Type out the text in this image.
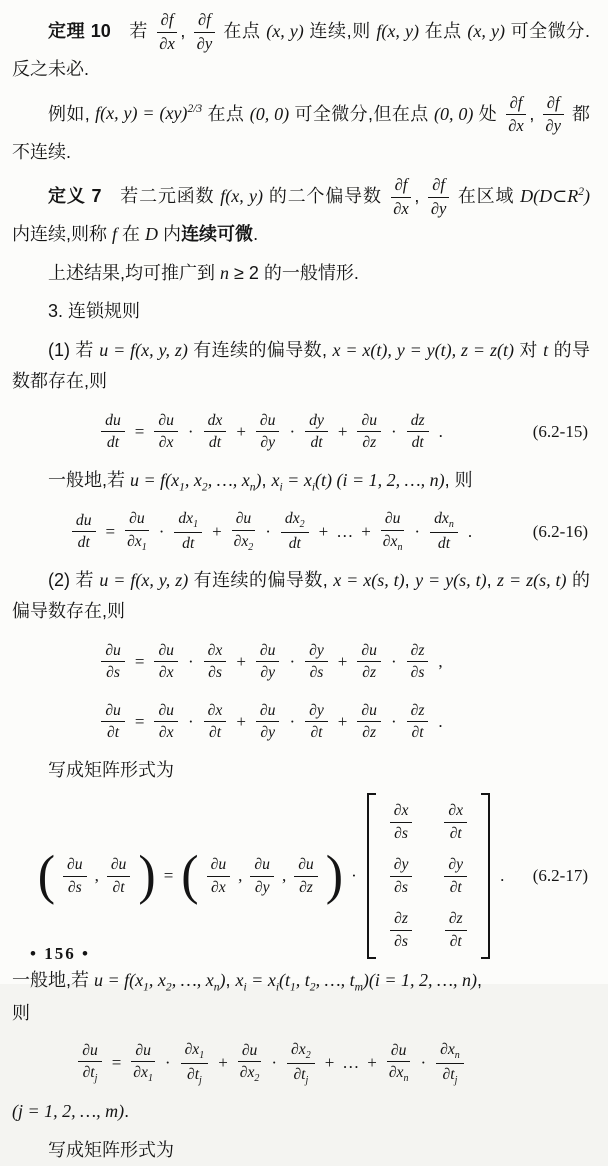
定理 10 若 $\frac{\partial f}{\partial x}$ , $\frac{\partial f}{\partial y}$ 在点 (x, y) 连续,则 f(x, y) 在点 (x, y) 可全微分. 反之未必.

例如, f(x, y) = (xy)$^{2/3}$ 在点 (0, 0) 可全微分,但在点 (0, 0) 处 $\frac{\partial f}{\partial x}$ , $\frac{\partial f}{\partial y}$ 都不连续.

定义 7 若二元函数 f(x, y) 的二个偏导数 $\frac{\partial f}{\partial x}$ , $\frac{\partial f}{\partial y}$ 在区域 $D(D\subset R^2)$ 内连续,则称 f 在 D 内连续可微.

上述结果,均可推广到 n ≥ 2 的一般情形.

3. 连锁规则

(1) 若 u = f(x, y, z) 有连续的偏导数, x = x(t), y = y(t), z = z(t) 对 t 的导数都存在,则

$\frac{du}{dt} = \frac{\partial u}{\partial x} \cdot \frac{dx}{dt} + \frac{\partial u}{\partial y} \cdot \frac{dy}{dt} + \frac{\partial u}{\partial z} \cdot \frac{dz}{dt}$ .	(6.2-15)

一般地,若 $u = f(x_1$, $x_2$, …, $x_n$), $x_i = x_i(t) (i = 1$, 2, …, n), 则

$\frac{du}{dt} = \frac{\partial u}{\partial x_1} \cdot \frac{dx_1}{dt} + \frac{\partial u}{\partial x_2} \cdot \frac{dx_2}{dt}$ + … + $\frac{\partial u}{\partial x_n} \cdot \frac{dx_n}{dt}$ .	(6.2-16)

(2) 若 u = f(x, y, z) 有连续的偏导数, x = x(s, t), y = y(s, t), z = z(s, t) 的偏导数存在,则

$\frac{\partial u}{\partial s} = \frac{\partial u}{\partial x} \cdot \frac{\partial x}{\partial s} + \frac{\partial u}{\partial y} \cdot \frac{\partial y}{\partial s} + \frac{\partial u}{\partial z} \cdot \frac{\partial z}{\partial s}$ ,
$\frac{\partial u}{\partial t} = \frac{\partial u}{\partial x} \cdot \frac{\partial x}{\partial t} + \frac{\partial u}{\partial y} \cdot \frac{\partial y}{\partial t} + \frac{\partial u}{\partial z} \cdot \frac{\partial z}{\partial t}$ .

写成矩阵形式为

( $\frac{\partial u}{\partial s}$ , $\frac{\partial u}{\partial t}$ ) = ( $\frac{\partial u}{\partial x}$ , $\frac{\partial u}{\partial y}$ , $\frac{\partial u}{\partial z}$ ) ·
$\frac{\partial x}{\partial s} \frac{\partial x}{\partial t}$
$\frac{\partial y}{\partial s} \frac{\partial y}{\partial t}$
$\frac{\partial z}{\partial s} \frac{\partial z}{\partial t}$
. (6.2-17)

一般地,若 $u = f(x_1$, $x_2$, …, $x_n$), $x_i = x_i(t_1$, $t_2$, …, $t_m)(i = 1$, 2, …, n),
则

$\frac{\partial u}{\partial t_j} = \frac{\partial u}{\partial x_1} \cdot \frac{\partial x_1}{\partial t_j} + \frac{\partial u}{\partial x_2} \cdot \frac{\partial x_2}{\partial t_j}$ + … + $\frac{\partial u}{\partial x_n} \cdot \frac{\partial x_n}{\partial t_j}$

(j = 1, 2, …, m).

写成矩阵形式为

• 156 •
